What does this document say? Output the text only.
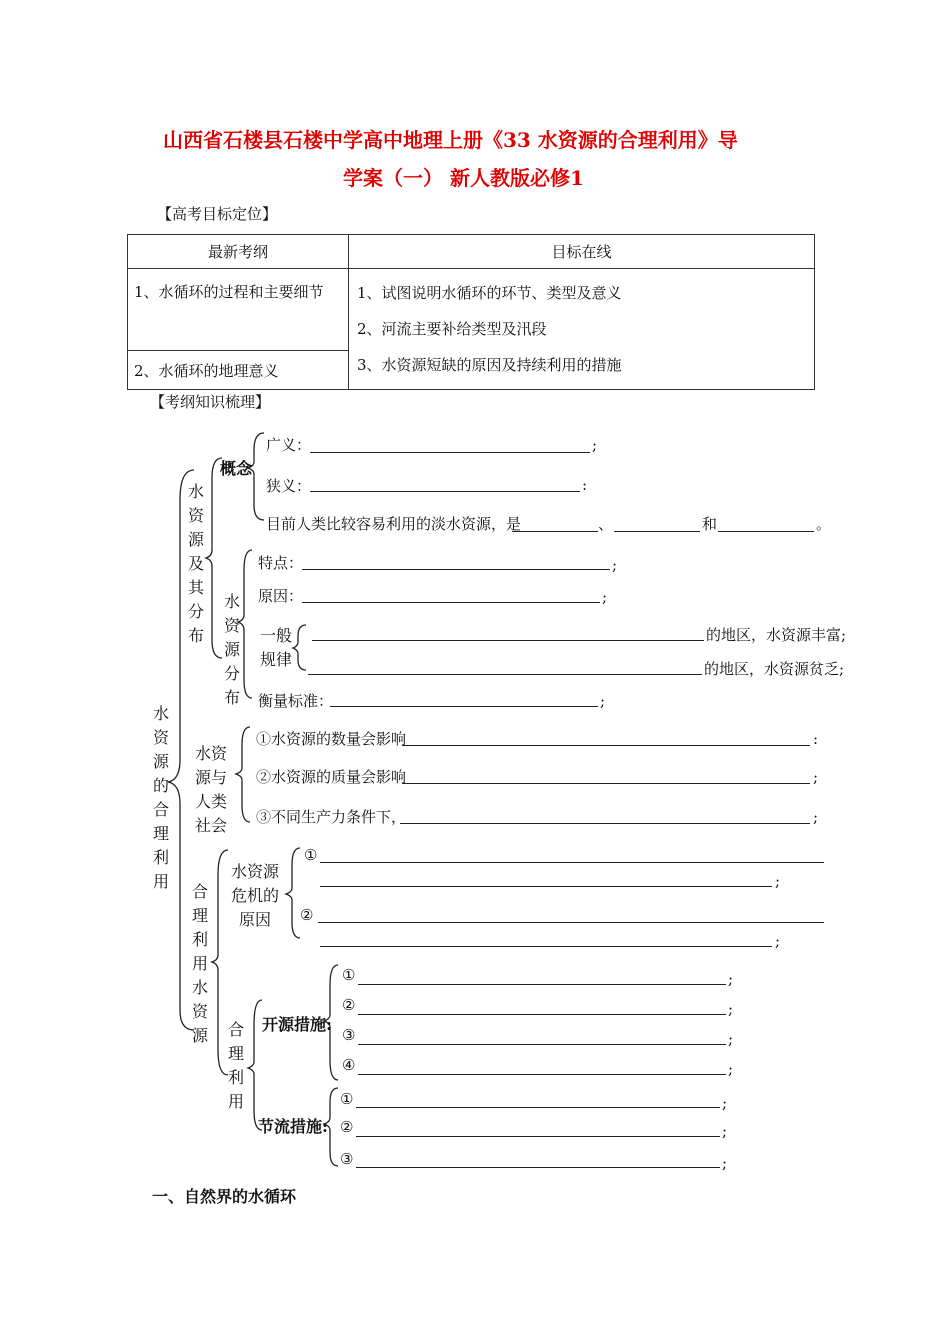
山西省石楼县石楼中学高中地理上册《33 水资源的合理利用》导
学案（一） 新人教版必修1
【高考目标定位】
最新考纲	目标在线
1、水循环的过程和主要细节	1、试图说明水循环的环节、类型及意义
2、河流主要补给类型及汛段
3、水资源短缺的原因及持续利用的措施

2、水循环的地理意义	
【考纲知识梳理】
水资源的合理利用
水资源及其分布
水资源分布
合理利用水资源 合理利用
概念
广义：	;
狭义：	:
目前人类比较容易利用的淡水资源，是	、	和	。
特点：	;
原因：	;
一般规律
的地区，水资源丰富;
的地区，水资源贫乏;
衡量标准：	;
水资源与人类社会
①水资源的数量会影响	:
②水资源的质量会影响	;
③不同生产力条件下，	;
水资源危机的原因
①
;
②
;
开源措施:
①	;
②	;
③	;
④	;
节流措施:
①	;
②	;
③	;
一、自然界的水循环
